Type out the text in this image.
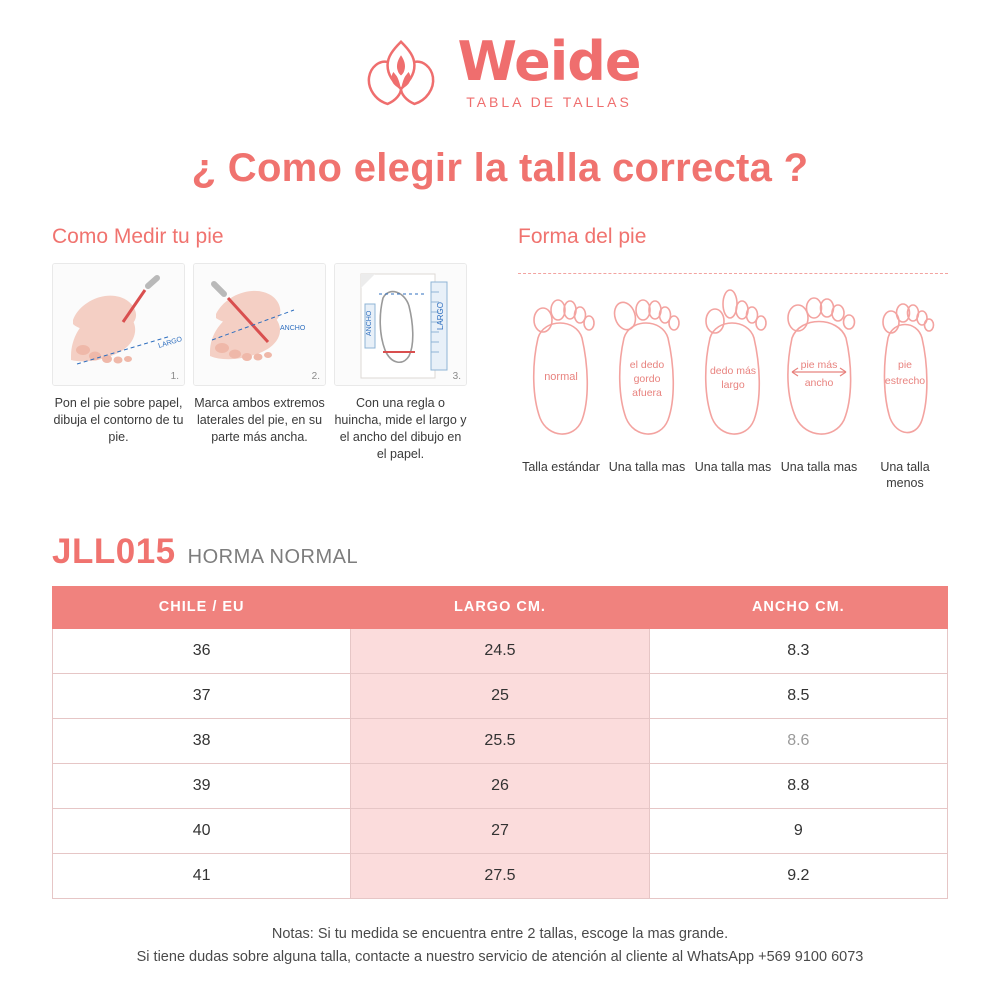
Weide
TABLA DE TALLAS
¿ Como elegir la talla correcta ?
Como Medir tu pie
LARGO
1.
Pon el pie sobre papel, dibuja el contorno de tu pie.
ANCHO
2.
Marca ambos extremos laterales del pie, en su parte más ancha.
LARGO
ANCHO
3.
Con una regla o huincha, mide el largo y el ancho del dibujo en el papel.
Forma del pie
normal
Talla estándar
el dedo
gordo
afuera
Una talla mas
dedo más
largo
Una talla mas
pie más
ancho
Una talla mas
pie
estrecho
Una talla menos
JLL015 HORMA NORMAL
CHILE / EU	LARGO CM.	ANCHO CM.
36	24.5	8.3
37	25	8.5
38	25.5	8.6
39	26	8.8
40	27	9
41	27.5	9.2
Notas: Si tu medida se encuentra entre 2 tallas, escoge la mas grande.
Si tiene dudas sobre alguna talla, contacte a nuestro servicio de atención al cliente al WhatsApp +569 9100 6073
